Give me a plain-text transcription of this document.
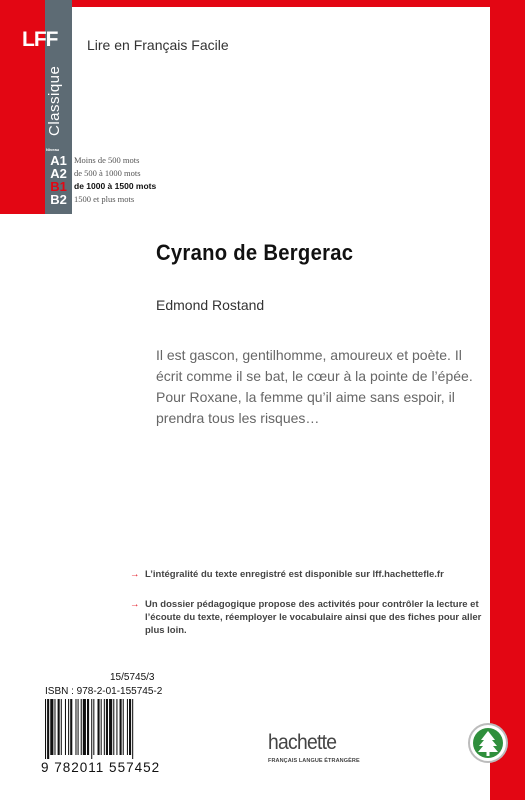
LFF Lire en Français Facile
Classique
Niveau
A1 Moins de 500 mots
A2 de 500 à 1000 mots
B1 de 1000 à 1500 mots
B2 1500 et plus mots
Cyrano de Bergerac
Edmond Rostand

Il est gascon, gentilhomme, amoureux et poète. Il écrit comme il se bat, le cœur à la pointe de l’épée. Pour Roxane, la femme qu’il aime sans espoir, il prendra tous les risques…

→ L’intégralité du texte enregistré est disponible sur lff.hachettefle.fr
→ Un dossier pédagogique propose des activités pour contrôler la lecture et l’écoute du texte, réemployer le vocabulaire ainsi que des fiches pour aller plus loin.
15/5745/3
ISBN : 978-2-01-155745-2
9 782011 557452
hachette
FRANÇAIS LANGUE ÉTRANGÈRE
